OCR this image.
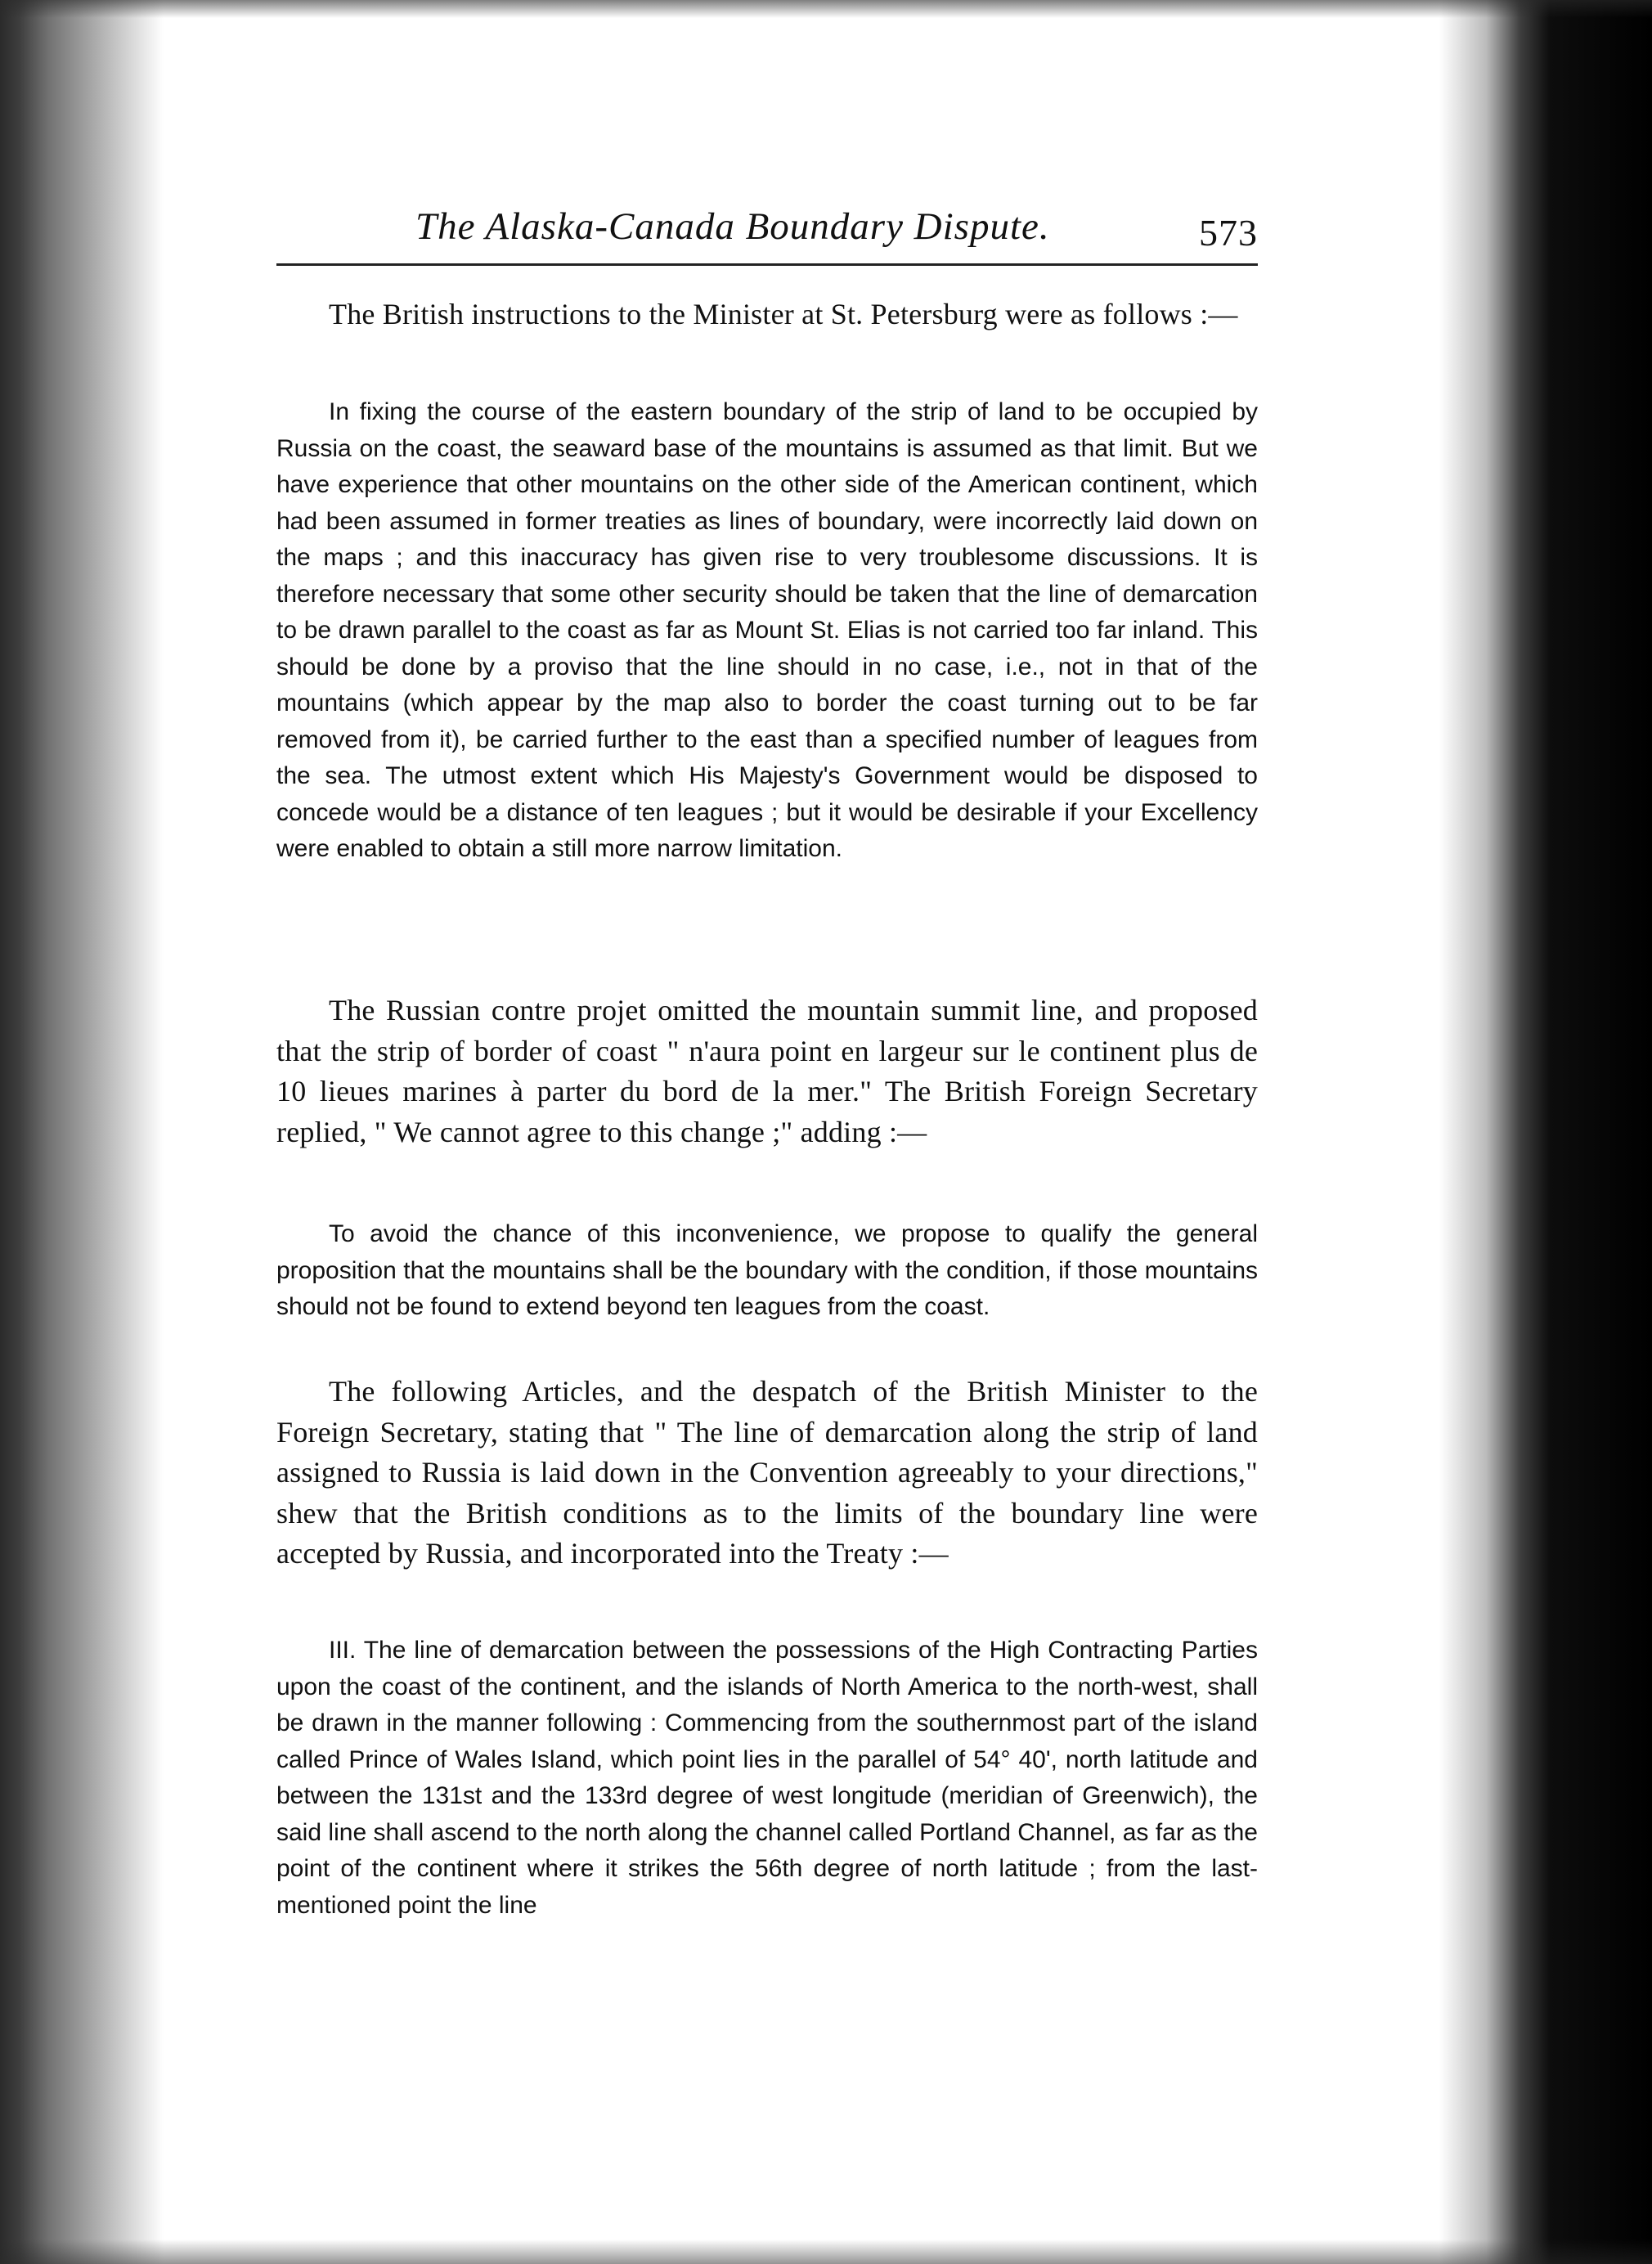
The Alaska-Canada Boundary Dispute.	573

The British instructions to the Minister at St. Petersburg were as follows :—

In fixing the course of the eastern boundary of the strip of land to be occupied by Russia on the coast, the seaward base of the mountains is assumed as that limit. But we have experience that other mountains on the other side of the American continent, which had been assumed in former treaties as lines of boundary, were incorrectly laid down on the maps ; and this inaccuracy has given rise to very troublesome discussions. It is therefore necessary that some other security should be taken that the line of demarcation to be drawn parallel to the coast as far as Mount St. Elias is not carried too far inland. This should be done by a proviso that the line should in no case, i.e., not in that of the mountains (which appear by the map also to border the coast turning out to be far removed from it), be carried further to the east than a specified number of leagues from the sea. The utmost extent which His Majesty's Government would be disposed to concede would be a distance of ten leagues ; but it would be desirable if your Excellency were enabled to obtain a still more narrow limitation.

The Russian contre projet omitted the mountain summit line, and proposed that the strip of border of coast " n'aura point en largeur sur le continent plus de 10 lieues marines à parter du bord de la mer." The British Foreign Secretary replied, " We cannot agree to this change ;" adding :—

To avoid the chance of this inconvenience, we propose to qualify the general proposition that the mountains shall be the boundary with the condition, if those mountains should not be found to extend beyond ten leagues from the coast.

The following Articles, and the despatch of the British Minister to the Foreign Secretary, stating that " The line of demarcation along the strip of land assigned to Russia is laid down in the Convention agreeably to your directions," shew that the British conditions as to the limits of the boundary line were accepted by Russia, and incorporated into the Treaty :—

III. The line of demarcation between the possessions of the High Contracting Parties upon the coast of the continent, and the islands of North America to the north-west, shall be drawn in the manner following : Commencing from the southernmost part of the island called Prince of Wales Island, which point lies in the parallel of 54° 40', north latitude and between the 131st and the 133rd degree of west longitude (meridian of Greenwich), the said line shall ascend to the north along the channel called Portland Channel, as far as the point of the continent where it strikes the 56th degree of north latitude ; from the last-mentioned point the line
